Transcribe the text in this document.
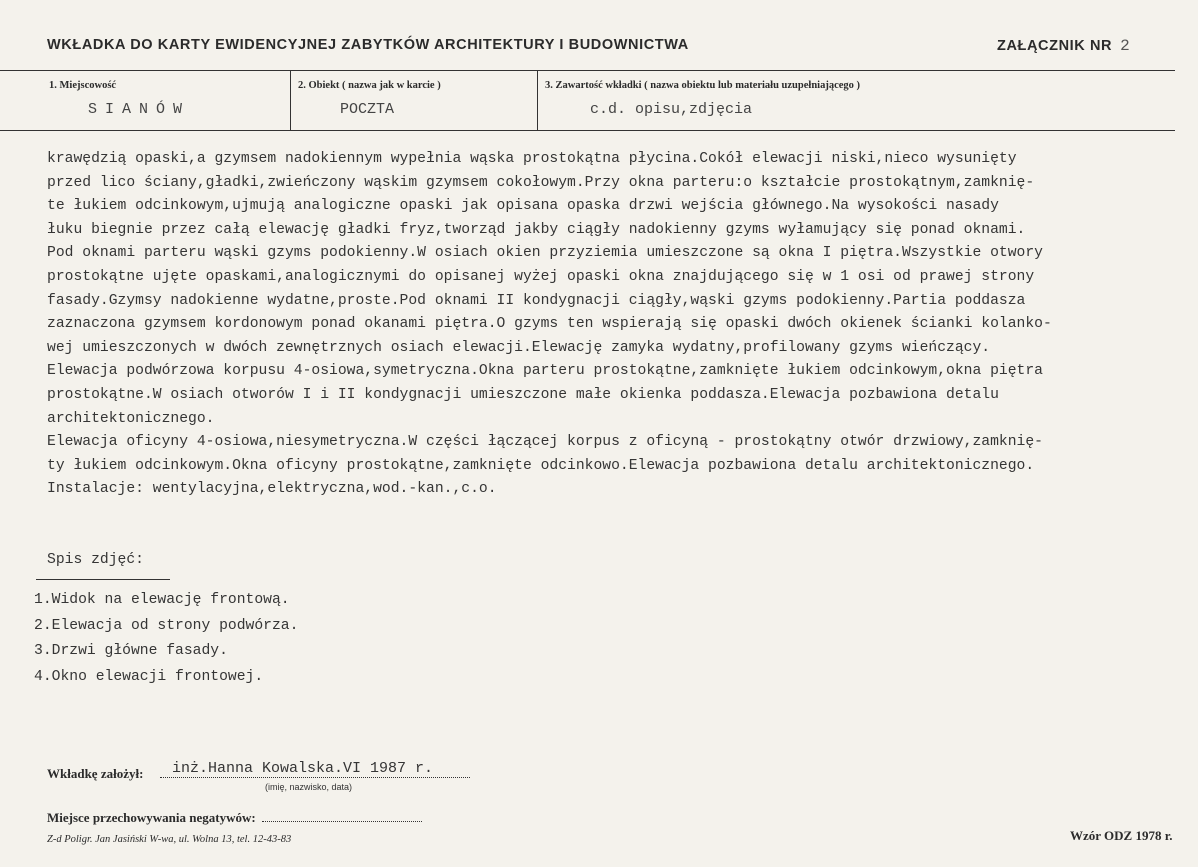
WKŁADKA DO KARTY EWIDENCYJNEJ ZABYTKÓW ARCHITEKTURY I BUDOWNICTWA	ZAŁĄCZNIK NR 2
1. Miejscowość	2. Obiekt ( nazwa jak w karcie )	3. Zawartość wkładki ( nazwa obiektu lub materiału uzupełniającego )
SIANÓW	POCZTA	c.d. opisu,zdjęcia
krawędzią opaski,a gzymsem nadokiennym wypełnia wąska prostokątna płycina.Cokół elewacji niski,nieco wysunięty
przed lico ściany,gładki,zwieńczony wąskim gzymsem cokołowym.Przy okna parteru:o kształcie prostokątnym,zamknię-
te łukiem odcinkowym,ujmują analogiczne opaski jak opisana opaska drzwi wejścia głównego.Na wysokości nasady
łuku biegnie przez całą elewację gładki fryz,tworząd jakby ciągły nadokienny gzyms wyłamujący się ponad oknami.
Pod oknami parteru wąski gzyms podokienny.W osiach okien przyziemia umieszczone są okna I piętra.Wszystkie otwory
prostokątne ujęte opaskami,analogicznymi do opisanej wyżej opaski okna znajdującego się w 1 osi od prawej strony
fasady.Gzymsy nadokienne wydatne,proste.Pod oknami II kondygnacji ciągły,wąski gzyms podokienny.Partia poddasza
zaznaczona gzymsem kordonowym ponad okanami piętra.O gzyms ten wspierają się opaski dwóch okienek ścianki kolanko-
wej umieszczonych w dwóch zewnętrznych osiach elewacji.Elewację zamyka wydatny,profilowany gzyms wieńczący.
Elewacja podwórzowa korpusu 4-osiowa,symetryczna.Okna parteru prostokątne,zamknięte łukiem odcinkowym,okna piętra
prostokątne.W osiach otworów I i II kondygnacji umieszczone małe okienka poddasza.Elewacja pozbawiona detalu
architektonicznego.
Elewacja oficyny 4-osiowa,niesymetryczna.W części łączącej korpus z oficyną - prostokątny otwór drzwiowy,zamknię-
ty łukiem odcinkowym.Okna oficyny prostokątne,zamknięte odcinkowo.Elewacja pozbawiona detalu architektonicznego.
Instalacje: wentylacyjna,elektryczna,wod.-kan.,c.o.
Spis zdjęć:
1.Widok na elewację frontową.
2.Elewacja od strony podwórza.
3.Drzwi główne fasady.
4.Okno elewacji frontowej.
Wkładkę założył: inż.Hanna Kowalska.VI 1987 r.
(imię, nazwisko, data)
Miejsce przechowywania negatywów:
Z-d Poligr. Jan Jasiński W-wa, ul. Wolna 13, tel. 12-43-83	Wzór ODZ 1978 r.
